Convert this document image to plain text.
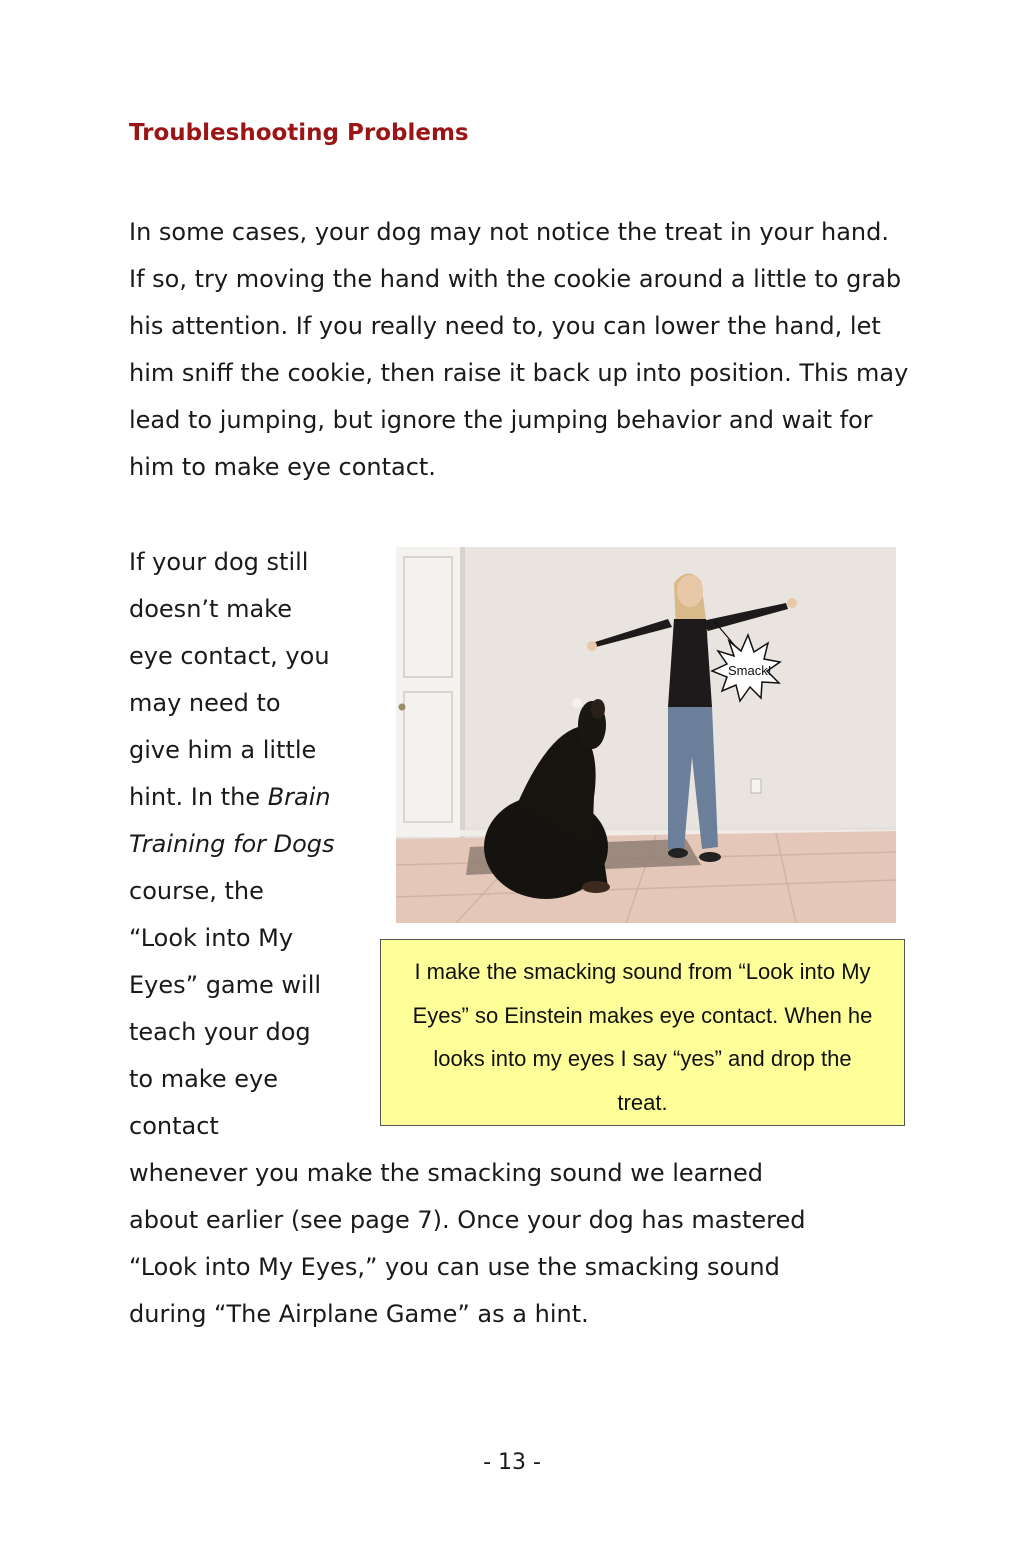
Troubleshooting Problems

In some cases, your dog may not notice the treat in your hand. If so, try moving the hand with the cookie around a little to grab his attention. If you really need to, you can lower the hand, let him sniff the cookie, then raise it back up into position. This may lead to jumping, but ignore the jumping behavior and wait for him to make eye contact.

If your dog still
doesn’t make
eye contact, you
may need to
give him a little
hint. In the Brain
Training for Dogs
course, the
“Look into My
Eyes” game will
teach your dog
to make eye
contact
Smack!
I make the smacking sound from “Look into My
Eyes” so Einstein makes eye contact. When he
looks into my eyes I say “yes” and drop the
treat.
whenever you make the smacking sound we learned
about earlier (see page 7). Once your dog has mastered
“Look into My Eyes,” you can use the smacking sound
during “The Airplane Game” as a hint.
- 13 -
